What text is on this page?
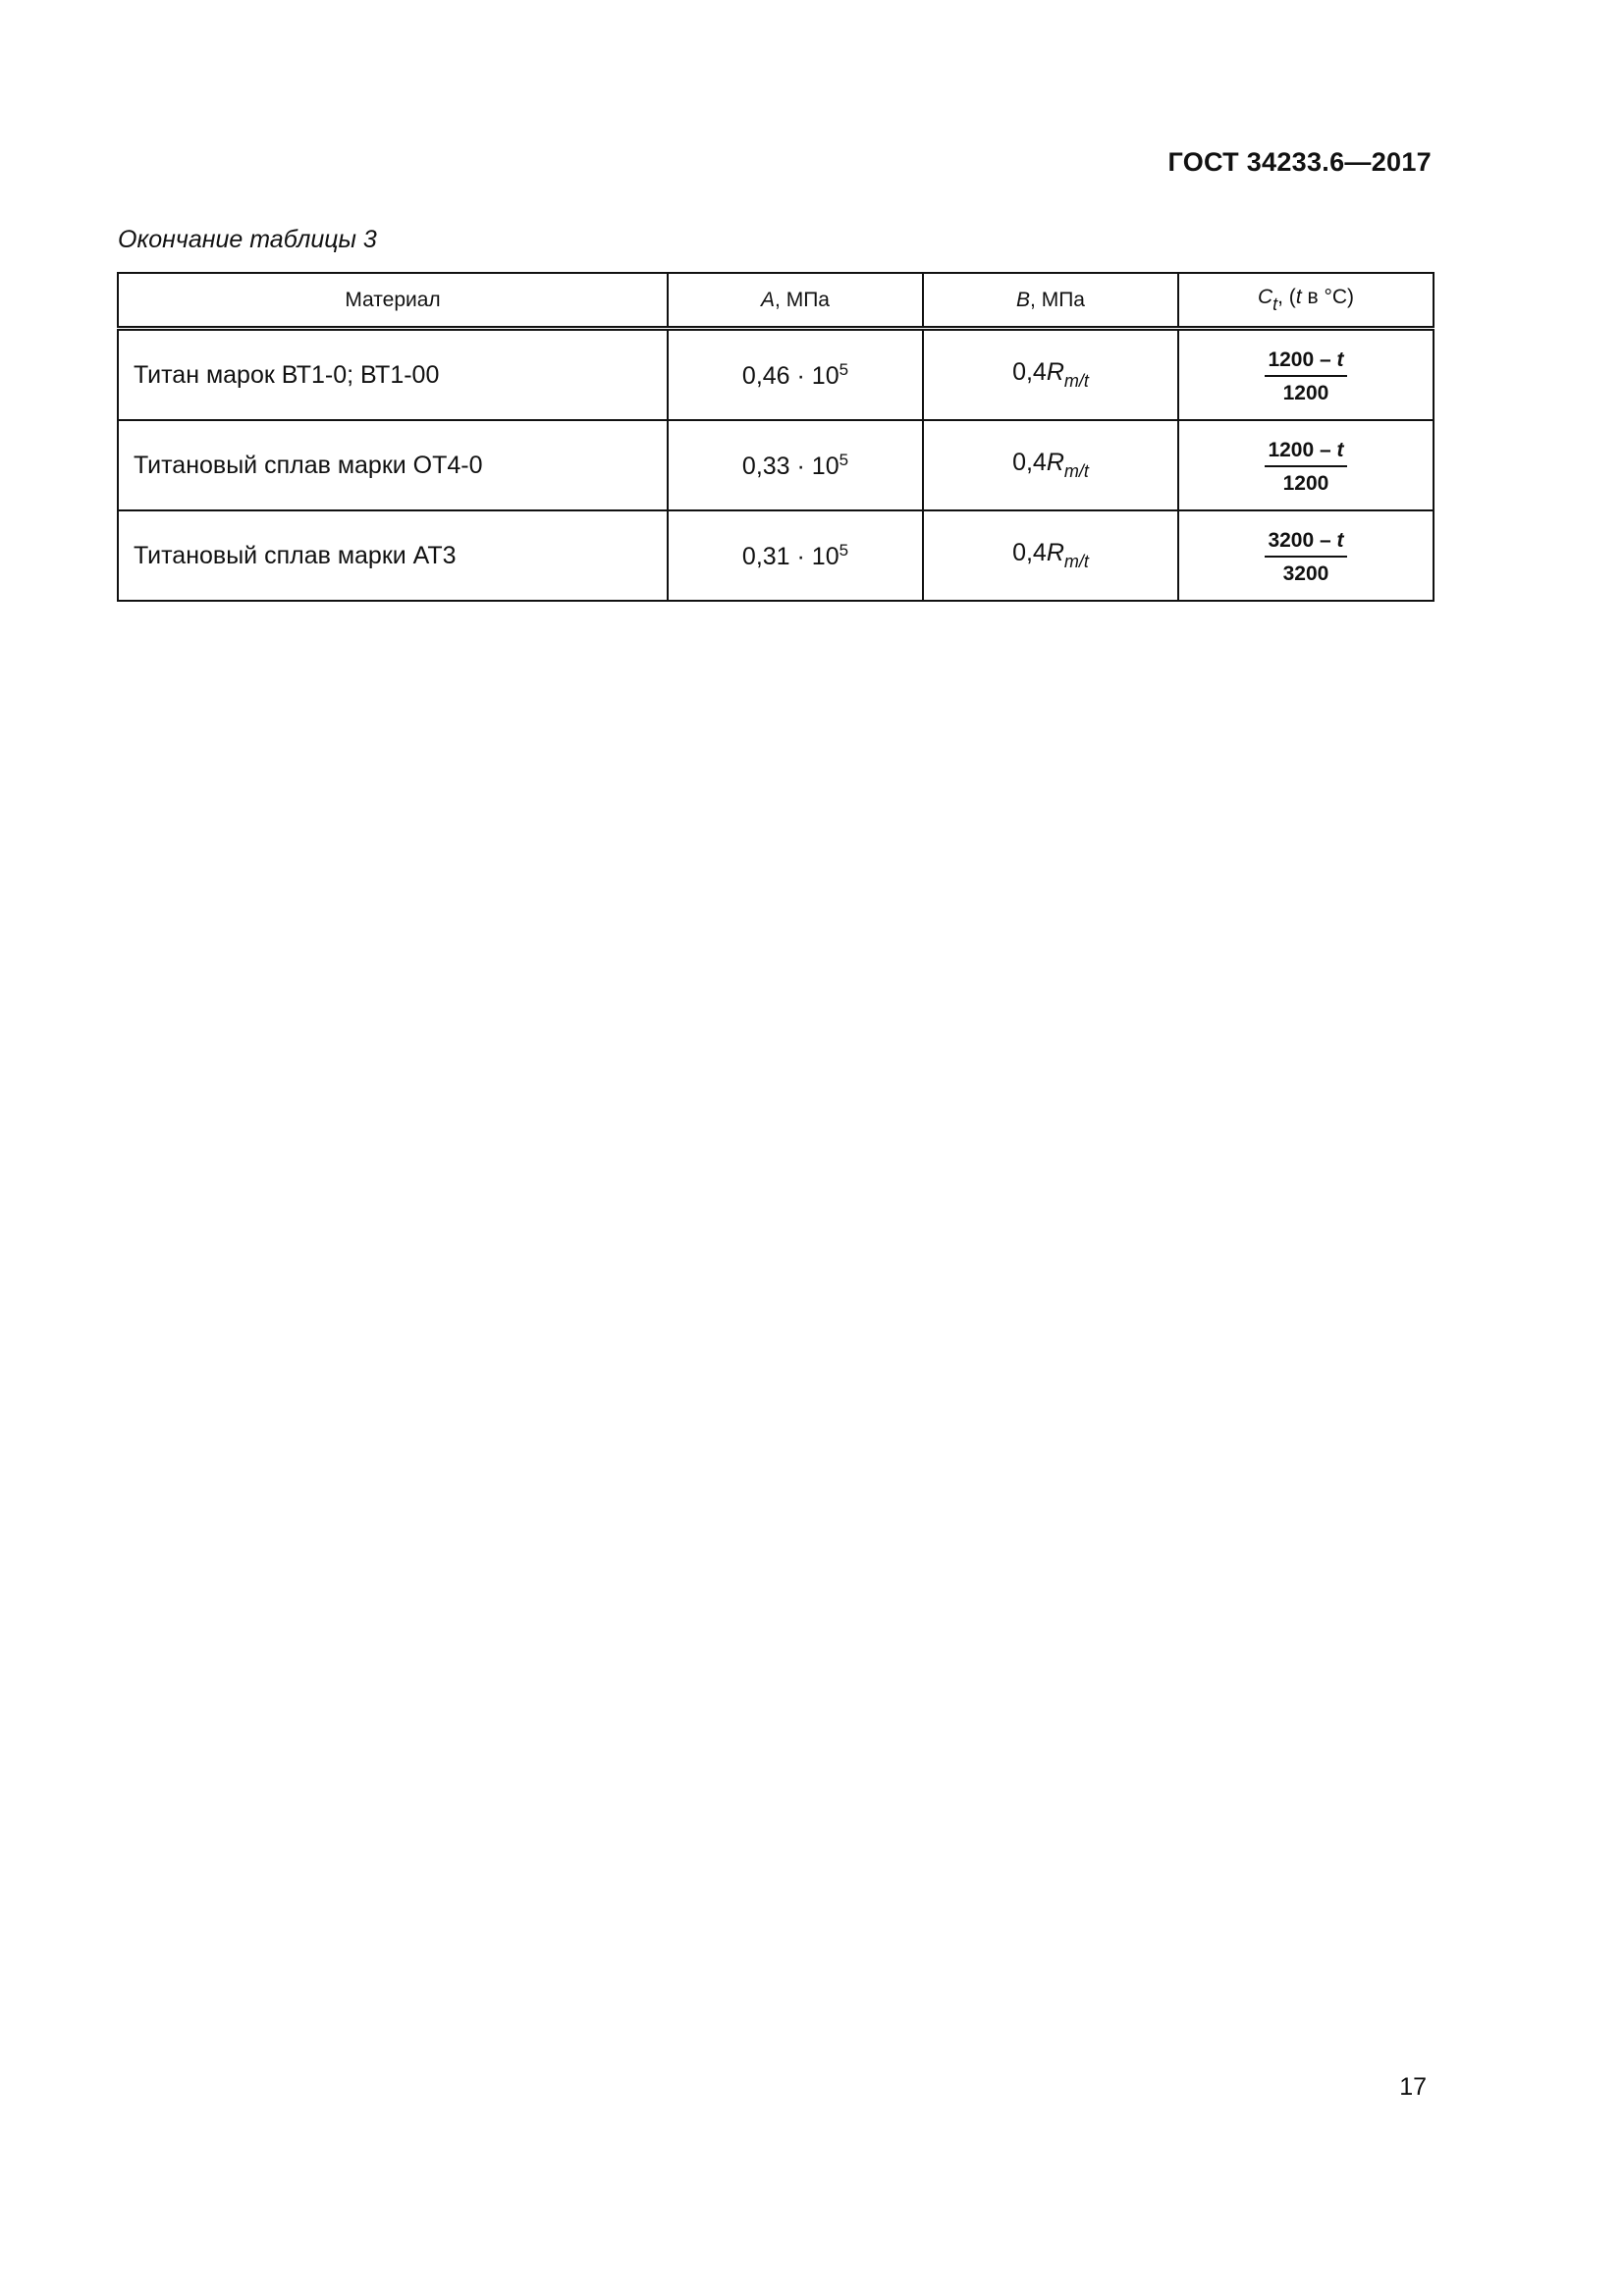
ГОСТ 34233.6—2017
Окончание таблицы 3
Материал	A, МПа	B, МПа	$C_t$, (t в °С)
Титан марок ВТ1-0; ВТ1-00	$0,46 \cdot 10^5$	$0,4R_{m/t}$	$\frac{1200 - t}{1200}$

Титановый сплав марки ОТ4-0	$0,33 \cdot 10^5$	$0,4R_{m/t}$	$\frac{1200 - t}{1200}$

Титановый сплав марки АТ3	$0,31 \cdot 10^5$	$0,4R_{m/t}$	$\frac{3200 - t}{3200}$
17
